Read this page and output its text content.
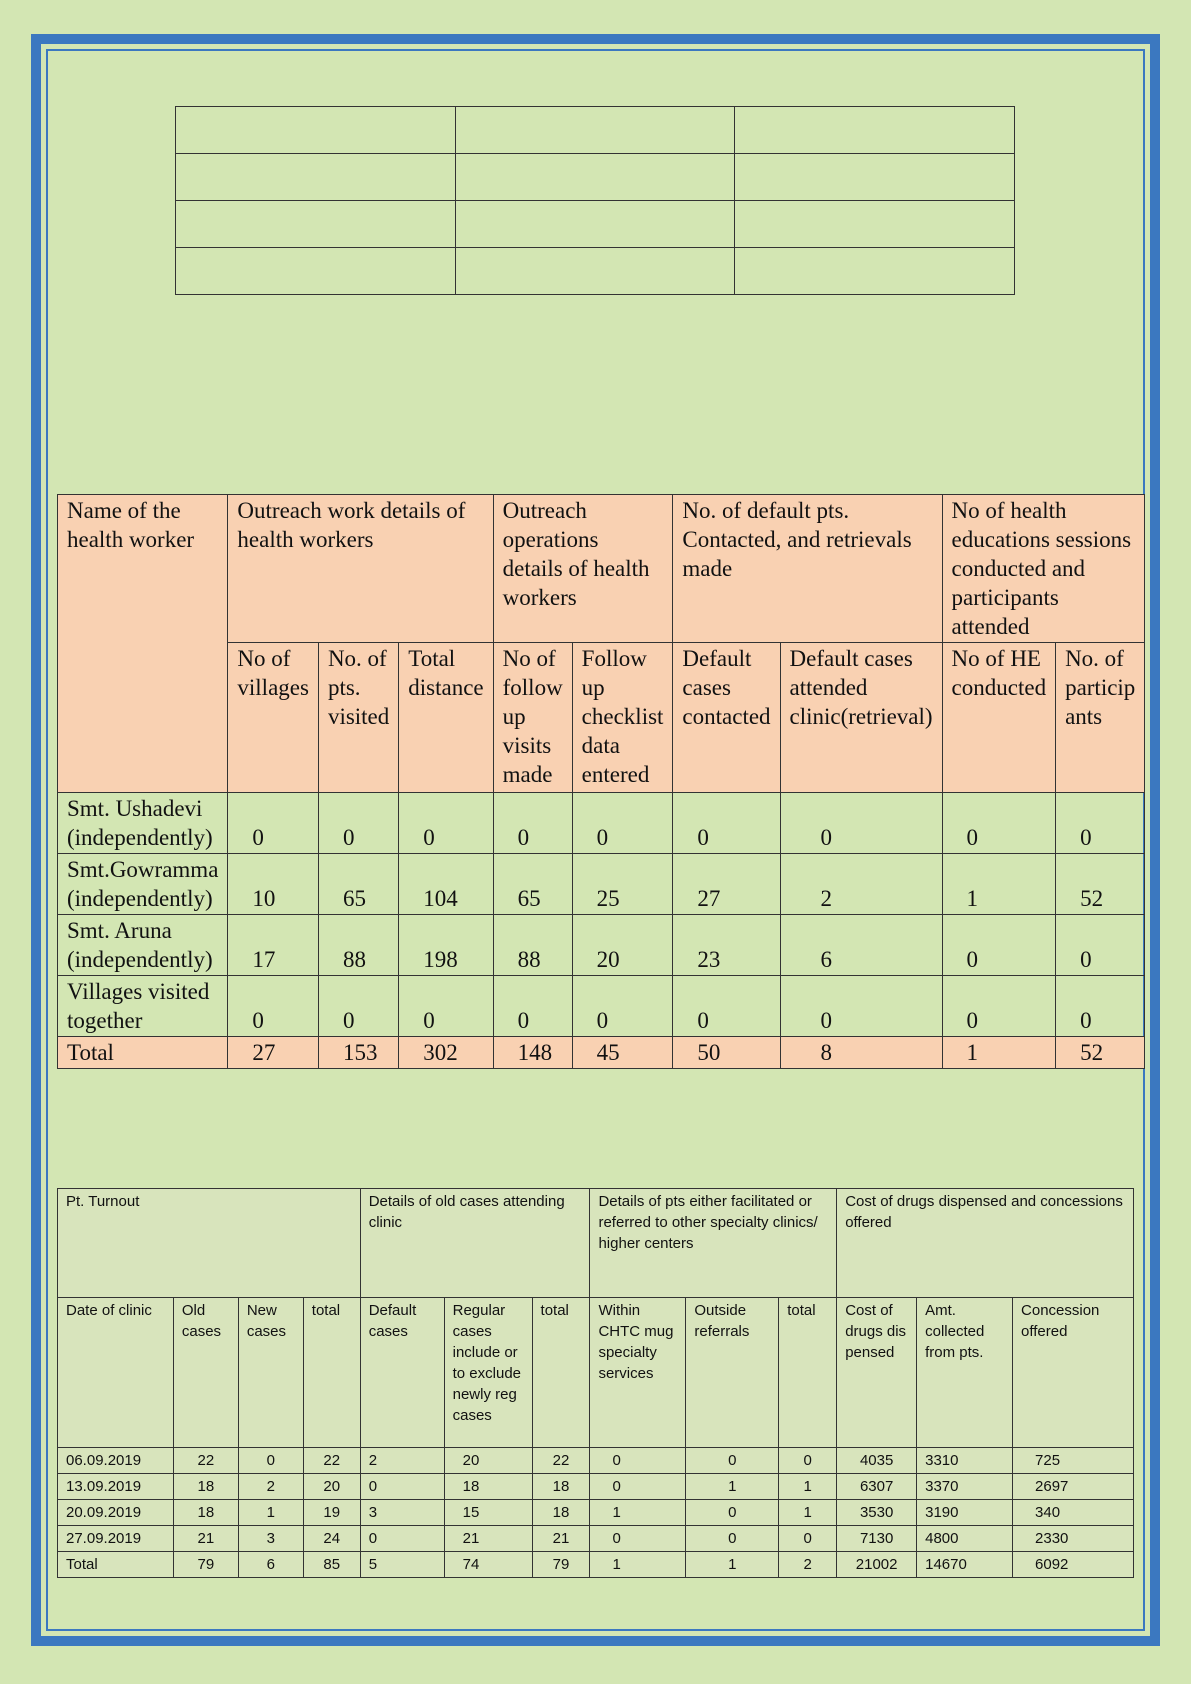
Name of the health worker	Outreach work details of health workers			Outreach operations details of health workers		No. of default pts. Contacted, and retrievals made		No of health educations sessions conducted and participants attended	
	No of villages	No. of pts. visited	Total distance	No of follow up visits made	Follow up checklist data entered	Default cases contacted	Default cases attended clinic(retrieval)	No of HE conducted	No. of particip ants
Smt. Ushadevi
(independently)	0	0	0	0	0	0	0	0	0
Smt.Gowramma
(independently)	10	65	104	65	25	27	2	1	52
Smt. Aruna
(independently)	17	88	198	88	20	23	6	0	0
Villages visited
together	0	0	0	0	0	0	0	0	0
Total	27	153	302	148	45	50	8	1	52
Pt. Turnout				Details of old cases attending clinic			Details of pts either facilitated or referred to other specialty clinics/ higher centers			Cost of drugs dispensed and concessions offered		
Date of clinic	Old cases	New cases	total	Default cases	Regular cases include or to exclude newly reg cases	total	Within CHTC mug specialty services	Outside referrals	total	Cost of drugs dis pensed	Amt. collected from pts.	Concession offered
06.09.2019	22	0	22	2	20	22	0	0	0	4035	3310	725
13.09.2019	18	2	20	0	18	18	0	1	1	6307	3370	2697
20.09.2019	18	1	19	3	15	18	1	0	1	3530	3190	340
27.09.2019	21	3	24	0	21	21	0	0	0	7130	4800	2330
Total	79	6	85	5	74	79	1	1	2	21002	14670	6092
